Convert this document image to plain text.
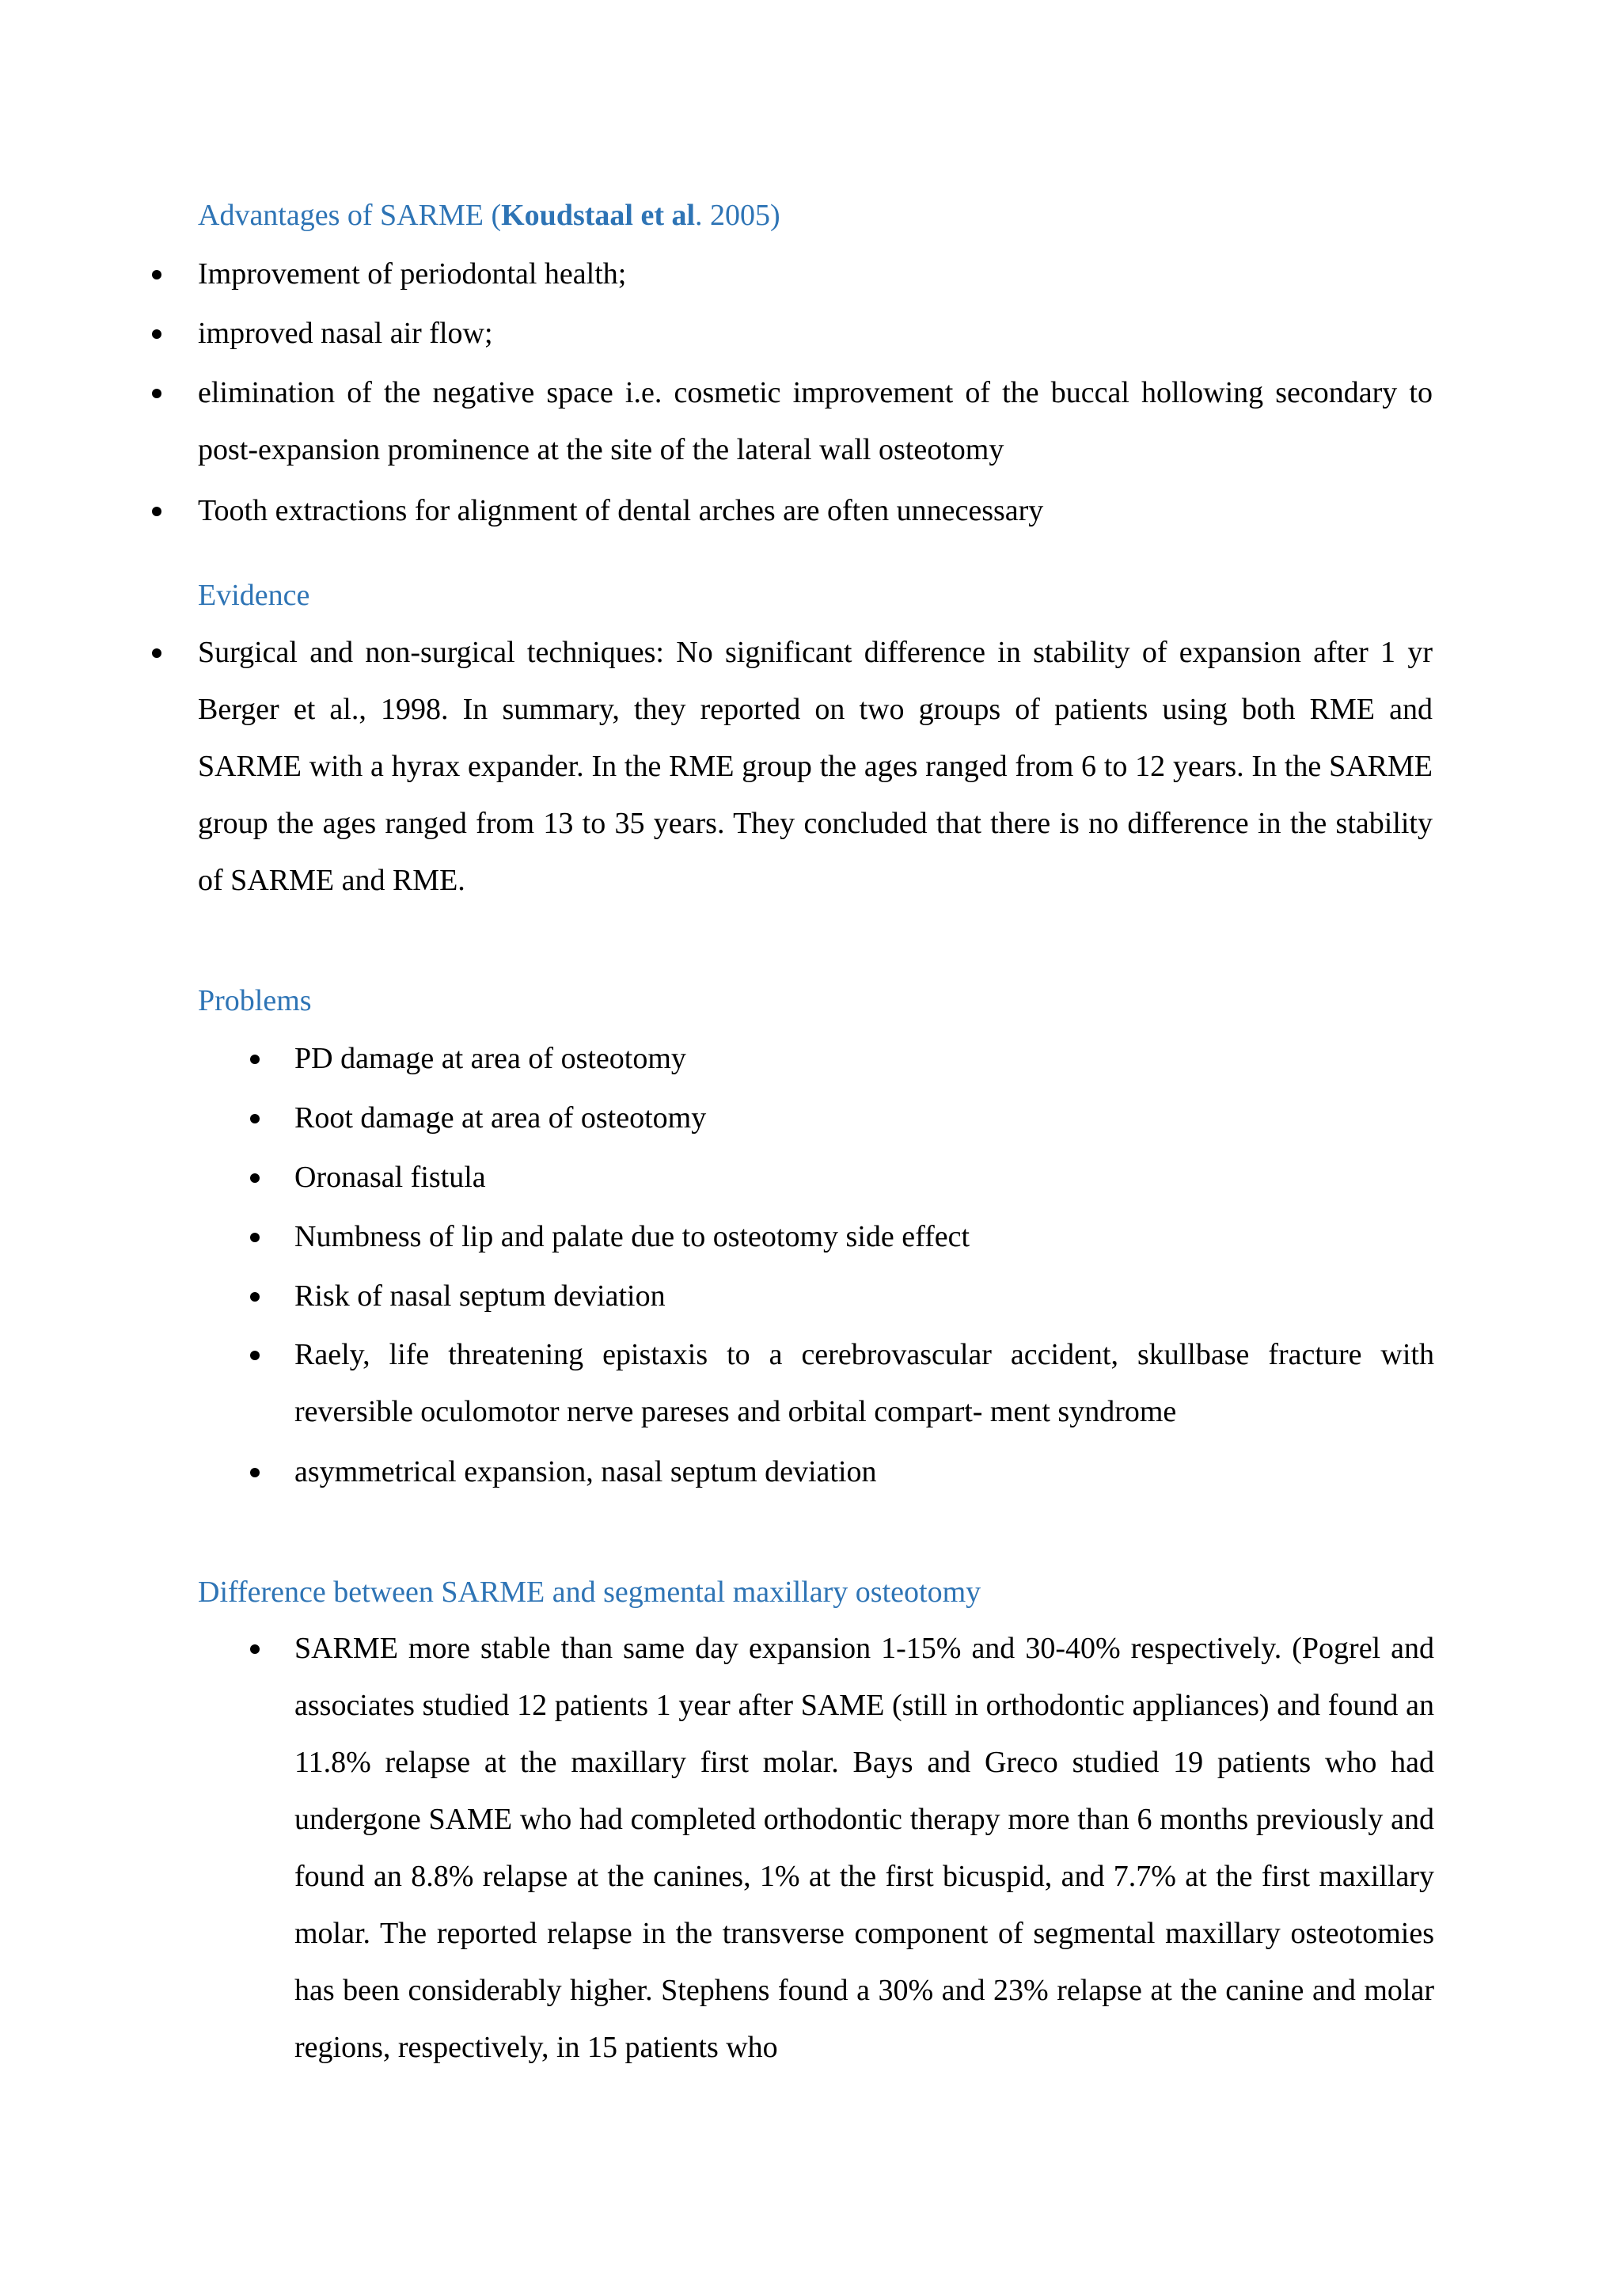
Advantages of SARME (Koudstaal et al. 2005)
Improvement of periodontal health;
improved nasal air flow;
elimination of the negative space i.e. cosmetic improvement of the buccal hollowing secondary to post-expansion prominence at the site of the lateral wall osteotomy
Tooth extractions for alignment of dental arches are often unnecessary
Evidence
Surgical and non-surgical techniques: No significant difference in stability of expansion after 1 yr Berger et al., 1998. In summary, they reported on two groups of patients using both RME and SARME with a hyrax expander. In the RME group the ages ranged from 6 to 12 years. In the SARME group the ages ranged from 13 to 35 years. They concluded that there is no difference in the stability of SARME and RME.
Problems
PD damage at area of osteotomy
Root damage at area of osteotomy
Oronasal fistula
Numbness of lip and palate due to osteotomy side effect
Risk of nasal septum deviation
Raely, life threatening epistaxis to a cerebrovascular accident, skullbase fracture with reversible oculomotor nerve pareses and orbital compart- ment syndrome
asymmetrical expansion, nasal septum deviation
Difference between SARME and segmental maxillary osteotomy
SARME more stable than same day expansion 1-15% and 30-40% respectively. (Pogrel and associates studied 12 patients 1 year after SAME (still in orthodontic appliances) and found an 11.8% relapse at the maxillary first molar. Bays and Greco studied 19 patients who had undergone SAME who had completed orthodontic therapy more than 6 months previously and found an 8.8% relapse at the canines, 1% at the first bicuspid, and 7.7% at the first maxillary molar. The reported relapse in the transverse component of segmental maxillary osteotomies has been considerably higher. Stephens found a 30% and 23% relapse at the canine and molar regions, respectively, in 15 patients who
